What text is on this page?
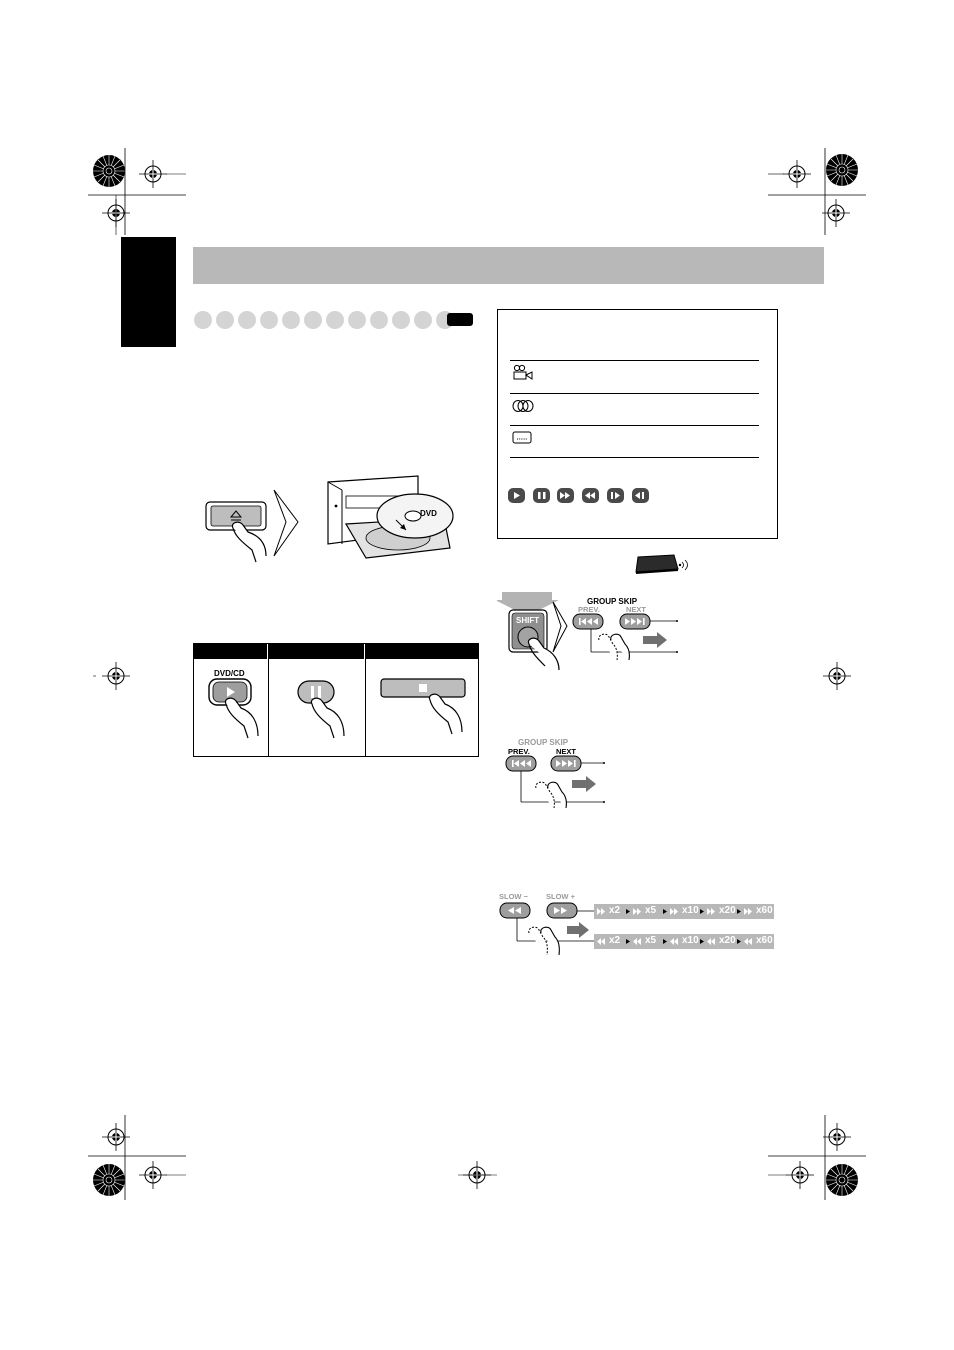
DVD
DVD/CD
SHIFT
GROUP SKIP
PREV.	NEXT
GROUP SKIP
PREV.	NEXT
SLOW − SLOW +
x2 x5	x10 x20 x60
x2 x5	x10 x20 x60
